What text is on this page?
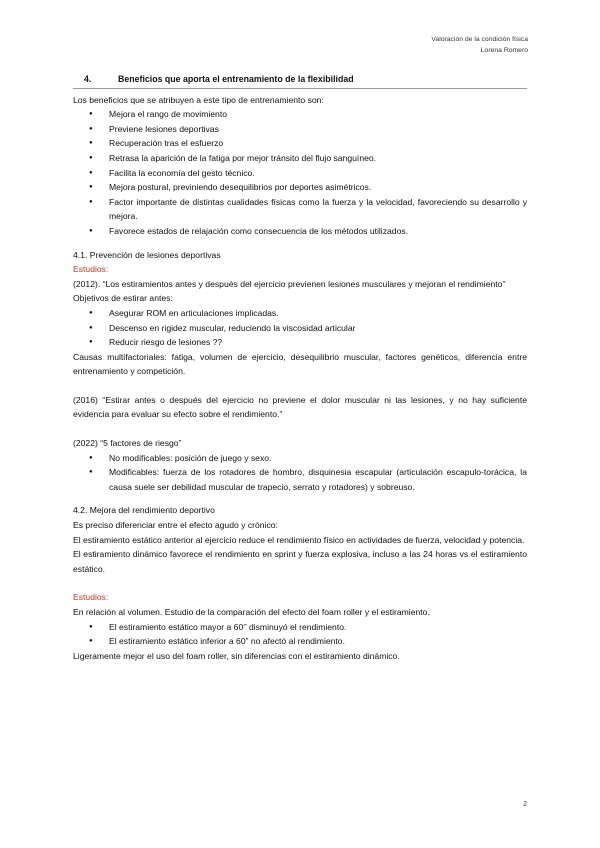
Valoración de la condición física
Lorena Romero
4.	Beneficios que aporta el entrenamiento de la flexibilidad

Los beneficios que se atribuyen a este tipo de entrenamiento son:

● Mejora el rango de movimiento
● Previene lesiones deportivas
● Recuperación tras el esfuerzo
● Retrasa la aparición de la fatiga por mejor tránsito del flujo sanguíneo.
● Facilita la economía del gesto técnico.
● Mejora postural, previniendo desequilibrios por deportes asimétricos.
● Factor importante de distintas cualidades físicas como la fuerza y la velocidad, favoreciendo su desarrollo y mejora.
● Favorece estados de relajación como consecuencia de los métodos utilizados.

4.1. Prevención de lesiones deportivas

Estudios:

(2012). “Los estiramientos antes y después del ejercicio previenen lesiones musculares y mejoran el rendimiento”

Objetivos de estirar antes:

● Asegurar ROM en articulaciones implicadas.
● Descenso en rigidez muscular, reduciendo la viscosidad articular
● Reducir riesgo de lesiones ??

Causas multifactoriales: fatiga, volumen de ejercicio, desequilibrio muscular, factores genéticos, diferencia entre entrenamiento y competición.

(2016) “Estirar antes o después del ejercicio no previene el dolor muscular ni las lesiones, y no hay suficiente evidencia para evaluar su efecto sobre el rendimiento.”

(2022) “5 factores de riesgo”

● No modificables: posición de juego y sexo.
● Modificables: fuerza de los rotadores de hombro, disquinesia escapular (articulación escapulo-torácica, la causa suele ser debilidad muscular de trapecio, serrato y rotadores) y sobreuso.

4.2. Mejora del rendimiento deportivo

Es preciso diferenciar entre el efecto agudo y crónico:

El estiramiento estático anterior al ejercicio reduce el rendimiento físico en actividades de fuerza, velocidad y potencia.

El estiramiento dinámico favorece el rendimiento en sprint y fuerza explosiva, incluso a las 24 horas vs el estiramiento estático.

Estudios:

En relación al volumen. Estudio de la comparación del efecto del foam roller y el estiramiento.

● El estiramiento estático mayor a 60’’ disminuyó el rendimiento.
● El estiramiento estático inferior a 60” no afectó al rendimiento.

Ligeramente mejor el uso del foam roller, sin diferencias con el estiramiento dinámico.

2
